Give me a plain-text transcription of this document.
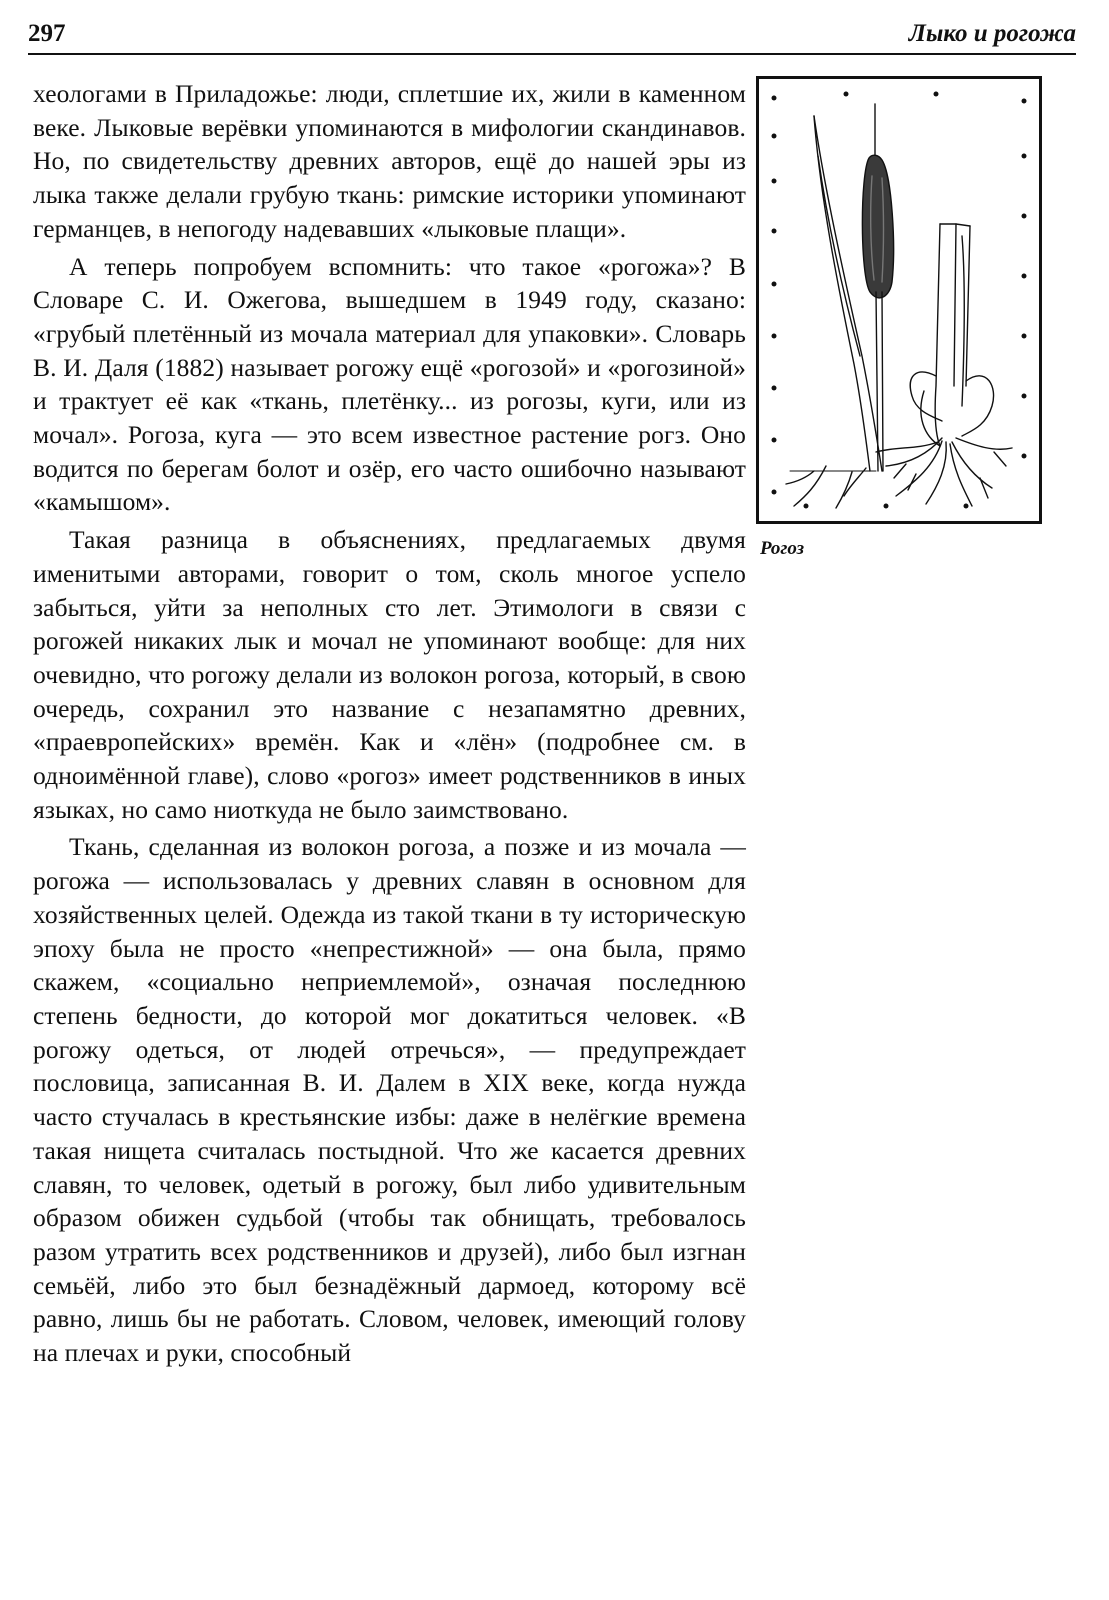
297	Лыко и рогожа

хеологами в Приладожье: люди, сплетшие их, жили в каменном веке. Лыковые верёвки упоминаются в мифологии скандинавов. Но, по свидетельству древних авторов, ещё до нашей эры из лыка также делали грубую ткань: римские историки упоминают германцев, в непогоду надевавших «лыковые плащи».

А теперь попробуем вспомнить: что такое «рогожа»? В Словаре С. И. Ожегова, вышедшем в 1949 году, сказано: «грубый плетённый из мочала материал для упаковки». Словарь В. И. Даля (1882) называет рогожу ещё «рогозой» и «рогозиной» и трактует её как «ткань, плетёнку... из рогозы, куги, или из мочал». Рогоза, куга — это всем известное растение рогз. Оно водится по берегам болот и озёр, его часто ошибочно называют «камышом».

Такая разница в объяснениях, предлагаемых двумя именитыми авторами, говорит о том, сколь многое успело забыться, уйти за неполных сто лет. Этимологи в связи с рогожей никаких лык и мочал не упоминают вообще: для них очевидно, что рогожу делали из волокон рогоза, который, в свою очередь, сохранил это название с незапамятно древних, «праевропейских» времён. Как и «лён» (подробнее см. в одноимённой главе), слово «рогоз» имеет родственников в иных языках, но само ниоткуда не было заимствовано.

Ткань, сделанная из волокон рогоза, а позже и из мочала — рогожа — использовалась у древних славян в основном для хозяйственных целей. Одежда из такой ткани в ту историческую эпоху была не просто «непрестижной» — она была, прямо скажем, «социально неприемлемой», означая последнюю степень бедности, до которой мог докатиться человек. «В рогожу одеться, от людей отречься», — предупреждает пословица, записанная В. И. Далем в XIX веке, когда нужда часто стучалась в крестьянские избы: даже в нелёгкие времена такая нищета считалась постыдной. Что же касается древних славян, то человек, одетый в рогожу, был либо удивительным образом обижен судьбой (чтобы так обнищать, требовалось разом утратить всех родственников и друзей), либо был изгнан семьёй, либо это был безнадёжный дармоед, которому всё равно, лишь бы не работать. Словом, человек, имеющий голову на плечах и руки, способный

Рогоз
